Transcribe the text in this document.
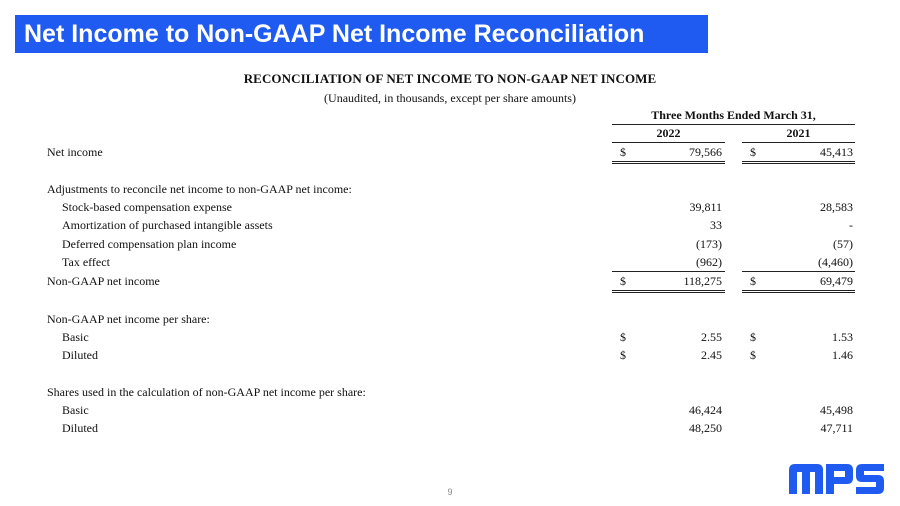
Net Income to Non-GAAP Net Income Reconciliation
RECONCILIATION OF NET INCOME TO NON-GAAP NET INCOME
(Unaudited, in thousands, except per share amounts)
Three Months Ended March 31,
2022	2021
Net income	$	79,566 $	45,413
Adjustments to reconcile net income to non-GAAP net income:
Stock-based compensation expense	39,811	28,583
Amortization of purchased intangible assets	33	-
Deferred compensation plan income	(173)	(57)
Tax effect	(962)	(4,460)
Non-GAAP net income	$	118,275 $	69,479
Non-GAAP net income per share:
Basic	$	2.55 $	1.53
Diluted	$	2.45 $	1.46
Shares used in the calculation of non-GAAP net income per share:
Basic	46,424	45,498
Diluted	48,250	47,711
9
